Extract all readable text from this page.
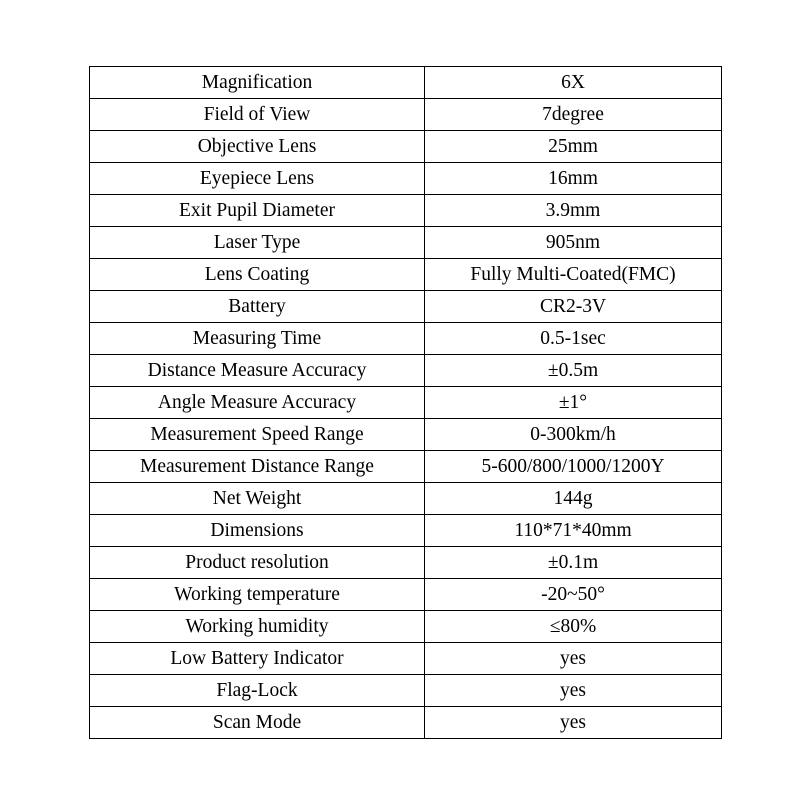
Magnification	6X
Field of View	7degree
Objective Lens	25mm
Eyepiece Lens	16mm
Exit Pupil Diameter	3.9mm
Laser Type	905nm
Lens Coating	Fully Multi-Coated(FMC)
Battery	CR2-3V
Measuring Time	0.5-1sec
Distance Measure Accuracy	±0.5m
Angle Measure Accuracy	±1°
Measurement Speed Range	0-300km/h
Measurement Distance Range	5-600/800/1000/1200Y
Net Weight	144g
Dimensions	110*71*40mm
Product resolution	±0.1m
Working temperature	-20~50°
Working humidity	≤80%
Low Battery Indicator	yes
Flag-Lock	yes
Scan Mode	yes
